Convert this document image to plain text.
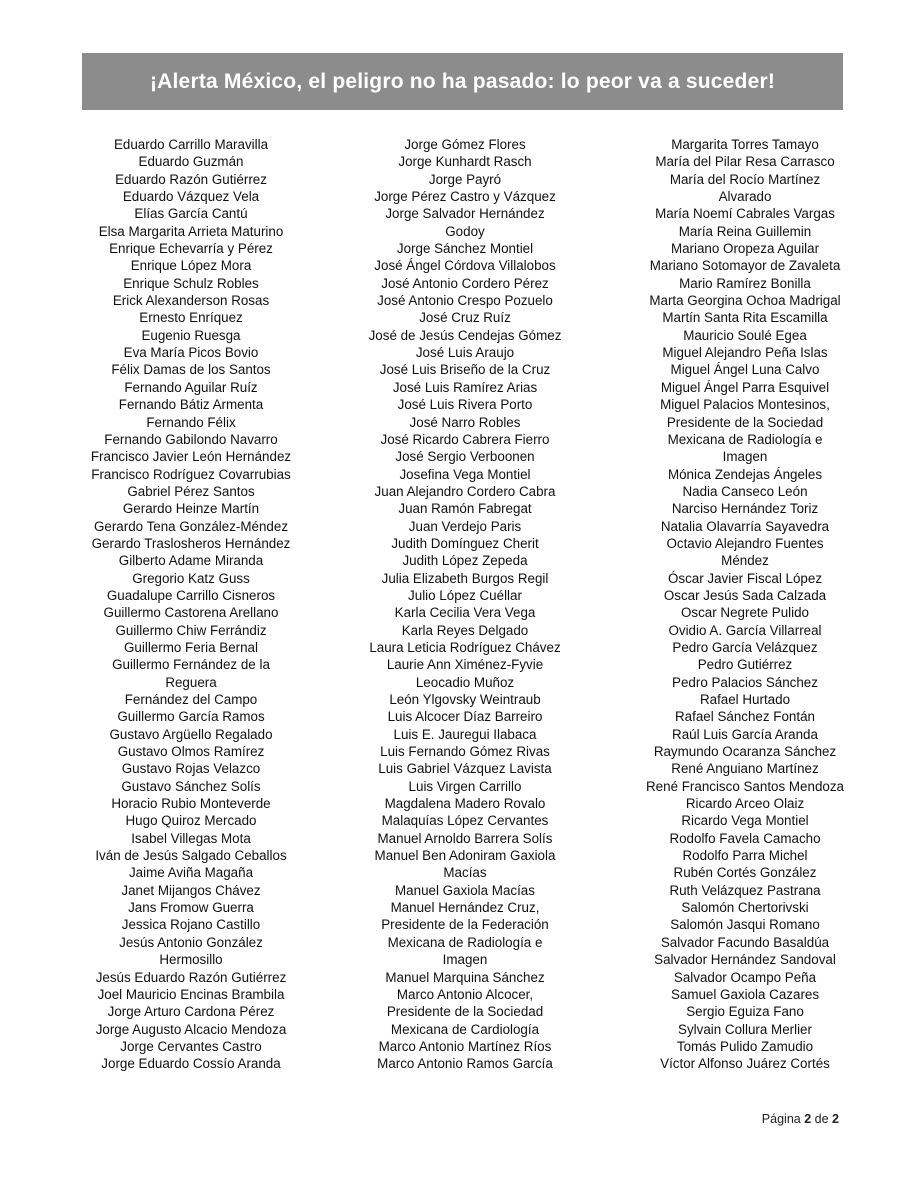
¡Alerta México, el peligro no ha pasado: lo peor va a suceder!
Eduardo Carrillo Maravilla
Eduardo Guzmán
Eduardo Razón Gutiérrez
Eduardo Vázquez Vela
Elías García Cantú
Elsa Margarita Arrieta Maturino
Enrique Echevarría y Pérez
Enrique López Mora
Enrique Schulz Robles
Erick Alexanderson Rosas
Ernesto Enríquez
Eugenio Ruesga
Eva María Picos Bovio
Félix Damas de los Santos
Fernando Aguilar Ruíz
Fernando Bátiz Armenta
Fernando Félix
Fernando Gabilondo Navarro
Francisco Javier León Hernández
Francisco Rodríguez Covarrubias
Gabriel Pérez Santos
Gerardo Heinze Martín
Gerardo Tena González-Méndez
Gerardo Traslosheros Hernández
Gilberto Adame Miranda
Gregorio Katz Guss
Guadalupe Carrillo Cisneros
Guillermo Castorena Arellano
Guillermo Chiw Ferrándiz
Guillermo Feria Bernal
Guillermo Fernández de la
Reguera
Fernández del Campo
Guillermo García Ramos
Gustavo Argüello Regalado
Gustavo Olmos Ramírez
Gustavo Rojas Velazco
Gustavo Sánchez Solís
Horacio Rubio Monteverde
Hugo Quiroz Mercado
Isabel Villegas Mota
Iván de Jesús Salgado Ceballos
Jaime Aviña Magaña
Janet Mijangos Chávez
Jans Fromow Guerra
Jessica Rojano Castillo
Jesús Antonio González
Hermosillo
Jesús Eduardo Razón Gutiérrez
Joel Mauricio Encinas Brambila
Jorge Arturo Cardona Pérez
Jorge Augusto Alcacio Mendoza
Jorge Cervantes Castro
Jorge Eduardo Cossío Aranda
Jorge Gómez Flores
Jorge Kunhardt Rasch
Jorge Payró
Jorge Pérez Castro y Vázquez
Jorge Salvador Hernández
Godoy
Jorge Sánchez Montiel
José Ángel Córdova Villalobos
José Antonio Cordero Pérez
José Antonio Crespo Pozuelo
José Cruz Ruíz
José de Jesús Cendejas Gómez
José Luis Araujo
José Luis Briseño de la Cruz
José Luis Ramírez Arias
José Luis Rivera Porto
José Narro Robles
José Ricardo Cabrera Fierro
José Sergio Verboonen
Josefina Vega Montiel
Juan Alejandro Cordero Cabra
Juan Ramón Fabregat
Juan Verdejo Paris
Judith Domínguez Cherit
Judith López Zepeda
Julia Elizabeth Burgos Regil
Julio López Cuéllar
Karla Cecilia Vera Vega
Karla Reyes Delgado
Laura Leticia Rodríguez Chávez
Laurie Ann Ximénez-Fyvie
Leocadio Muñoz
León Ylgovsky Weintraub
Luis Alcocer Díaz Barreiro
Luis E. Jauregui Ilabaca
Luis Fernando Gómez Rivas
Luis Gabriel Vázquez Lavista
Luis Virgen Carrillo
Magdalena Madero Rovalo
Malaquías López Cervantes
Manuel Arnoldo Barrera Solís
Manuel Ben Adoniram Gaxiola
Macías
Manuel Gaxiola Macías
Manuel Hernández Cruz,
Presidente de la Federación
Mexicana de Radiología e
Imagen
Manuel Marquina Sánchez
Marco Antonio Alcocer,
Presidente de la Sociedad
Mexicana de Cardiología
Marco Antonio Martínez Ríos
Marco Antonio Ramos García
Margarita Torres Tamayo
María del Pilar Resa Carrasco
María del Rocío Martínez
Alvarado
María Noemí Cabrales Vargas
María Reina Guillemin
Mariano Oropeza Aguilar
Mariano Sotomayor de Zavaleta
Mario Ramírez Bonilla
Marta Georgina Ochoa Madrigal
Martín Santa Rita Escamilla
Mauricio Soulé Egea
Miguel Alejandro Peña Islas
Miguel Ángel Luna Calvo
Miguel Ángel Parra Esquivel
Miguel Palacios Montesinos,
Presidente de la Sociedad
Mexicana de Radiología e
Imagen
Mónica Zendejas Ángeles
Nadia Canseco León
Narciso Hernández Toriz
Natalia Olavarría Sayavedra
Octavio Alejandro Fuentes
Méndez
Óscar Javier Fiscal López
Oscar Jesús Sada Calzada
Oscar Negrete Pulido
Ovidio A. García Villarreal
Pedro García Velázquez
Pedro Gutiérrez
Pedro Palacios Sánchez
Rafael Hurtado
Rafael Sánchez Fontán
Raúl Luis García Aranda
Raymundo Ocaranza Sánchez
René Anguiano Martínez
René Francisco Santos Mendoza
Ricardo Arceo Olaiz
Ricardo Vega Montiel
Rodolfo Favela Camacho
Rodolfo Parra Michel
Rubén Cortés González
Ruth Velázquez Pastrana
Salomón Chertorivski
Salomón Jasqui Romano
Salvador Facundo Basaldúa
Salvador Hernández Sandoval
Salvador Ocampo Peña
Samuel Gaxiola Cazares
Sergio Eguiza Fano
Sylvain Collura Merlier
Tomás Pulido Zamudio
Víctor Alfonso Juárez Cortés
Página 2 de 2
